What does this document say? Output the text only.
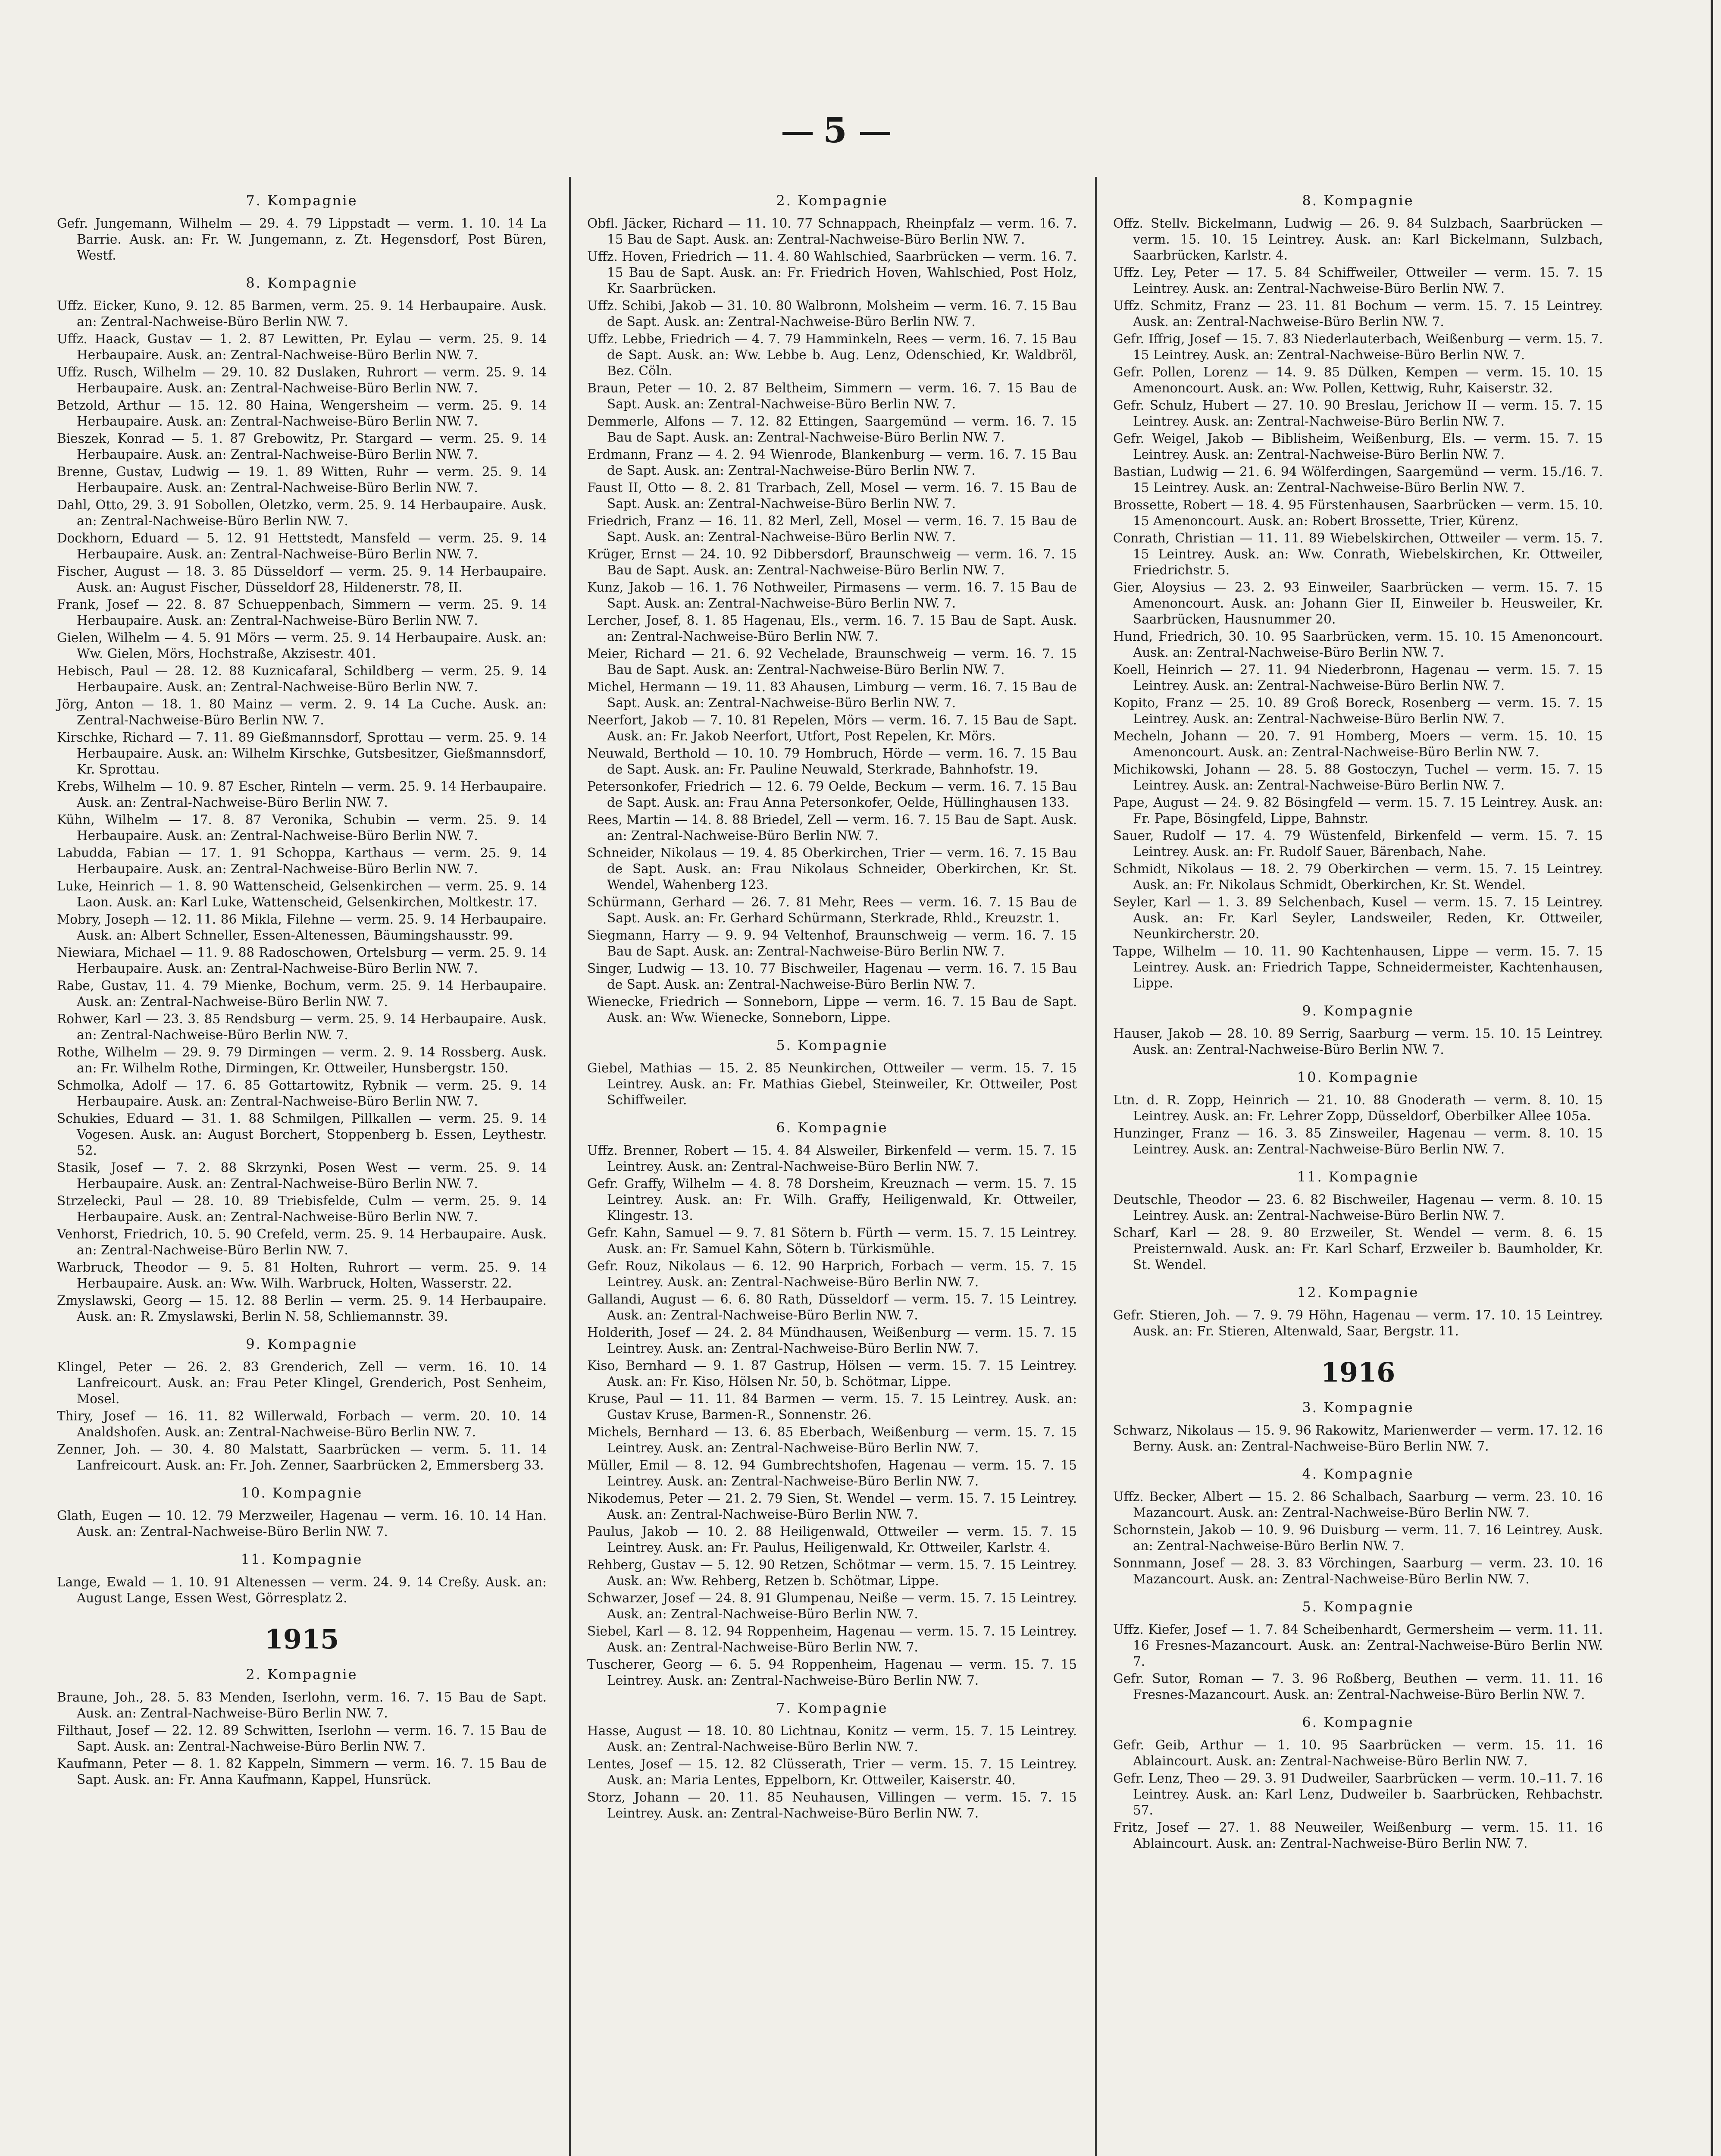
5
7. Kompagnie

Gefr. Jungemann, Wilhelm — 29. 4. 79 Lippstadt — verm. 1. 10. 14 La Barrie. Ausk. an: Fr. W. Jungemann, z. Zt. Hegensdorf, Post Büren, Westf.

8. Kompagnie

Uffz. Eicker, Kuno, 9. 12. 85 Barmen, verm. 25. 9. 14 Herbaupaire. Ausk. an: Zentral-Nachweise-Büro Berlin NW. 7.

Uffz. Haack, Gustav — 1. 2. 87 Lewitten, Pr. Eylau — verm. 25. 9. 14 Herbaupaire. Ausk. an: Zentral-Nachweise-Büro Berlin NW. 7.

Uffz. Rusch, Wilhelm — 29. 10. 82 Duslaken, Ruhrort — verm. 25. 9. 14 Herbaupaire. Ausk. an: Zentral-Nachweise-Büro Berlin NW. 7.

Betzold, Arthur — 15. 12. 80 Haina, Wengersheim — verm. 25. 9. 14 Herbaupaire. Ausk. an: Zentral-Nachweise-Büro Berlin NW. 7.

Bieszek, Konrad — 5. 1. 87 Grebowitz, Pr. Stargard — verm. 25. 9. 14 Herbaupaire. Ausk. an: Zentral-Nachweise-Büro Berlin NW. 7.

Brenne, Gustav, Ludwig — 19. 1. 89 Witten, Ruhr — verm. 25. 9. 14 Herbaupaire. Ausk. an: Zentral-Nachweise-Büro Berlin NW. 7.

Dahl, Otto, 29. 3. 91 Sobollen, Oletzko, verm. 25. 9. 14 Herbaupaire. Ausk. an: Zentral-Nachweise-Büro Berlin NW. 7.

Dockhorn, Eduard — 5. 12. 91 Hettstedt, Mansfeld — verm. 25. 9. 14 Herbaupaire. Ausk. an: Zentral-Nachweise-Büro Berlin NW. 7.

Fischer, August — 18. 3. 85 Düsseldorf — verm. 25. 9. 14 Herbaupaire. Ausk. an: August Fischer, Düsseldorf 28, Hildenerstr. 78, II.

Frank, Josef — 22. 8. 87 Schueppenbach, Simmern — verm. 25. 9. 14 Herbaupaire. Ausk. an: Zentral-Nachweise-Büro Berlin NW. 7.

Gielen, Wilhelm — 4. 5. 91 Mörs — verm. 25. 9. 14 Herbaupaire. Ausk. an: Ww. Gielen, Mörs, Hochstraße, Akzisestr. 401.

Hebisch, Paul — 28. 12. 88 Kuznicafaral, Schildberg — verm. 25. 9. 14 Herbaupaire. Ausk. an: Zentral-Nachweise-Büro Berlin NW. 7.

Jörg, Anton — 18. 1. 80 Mainz — verm. 2. 9. 14 La Cuche. Ausk. an: Zentral-Nachweise-Büro Berlin NW. 7.

Kirschke, Richard — 7. 11. 89 Gießmannsdorf, Sprottau — verm. 25. 9. 14 Herbaupaire. Ausk. an: Wilhelm Kirschke, Gutsbesitzer, Gießmannsdorf, Kr. Sprottau.

Krebs, Wilhelm — 10. 9. 87 Escher, Rinteln — verm. 25. 9. 14 Herbaupaire. Ausk. an: Zentral-Nachweise-Büro Berlin NW. 7.

Kühn, Wilhelm — 17. 8. 87 Veronika, Schubin — verm. 25. 9. 14 Herbaupaire. Ausk. an: Zentral-Nachweise-Büro Berlin NW. 7.

Labudda, Fabian — 17. 1. 91 Schoppa, Karthaus — verm. 25. 9. 14 Herbaupaire. Ausk. an: Zentral-Nachweise-Büro Berlin NW. 7.

Luke, Heinrich — 1. 8. 90 Wattenscheid, Gelsenkirchen — verm. 25. 9. 14 Laon. Ausk. an: Karl Luke, Wattenscheid, Gelsenkirchen, Moltkestr. 17.

Mobry, Joseph — 12. 11. 86 Mikla, Filehne — verm. 25. 9. 14 Herbaupaire. Ausk. an: Albert Schneller, Essen-Altenessen, Bäumingshausstr. 99.

Niewiara, Michael — 11. 9. 88 Radoschowen, Ortelsburg — verm. 25. 9. 14 Herbaupaire. Ausk. an: Zentral-Nachweise-Büro Berlin NW. 7.

Rabe, Gustav, 11. 4. 79 Mienke, Bochum, verm. 25. 9. 14 Herbaupaire. Ausk. an: Zentral-Nachweise-Büro Berlin NW. 7.

Rohwer, Karl — 23. 3. 85 Rendsburg — verm. 25. 9. 14 Herbaupaire. Ausk. an: Zentral-Nachweise-Büro Berlin NW. 7.

Rothe, Wilhelm — 29. 9. 79 Dirmingen — verm. 2. 9. 14 Rossberg. Ausk. an: Fr. Wilhelm Rothe, Dirmingen, Kr. Ottweiler, Hunsbergstr. 150.

Schmolka, Adolf — 17. 6. 85 Gottartowitz, Rybnik — verm. 25. 9. 14 Herbaupaire. Ausk. an: Zentral-Nachweise-Büro Berlin NW. 7.

Schukies, Eduard — 31. 1. 88 Schmilgen, Pillkallen — verm. 25. 9. 14 Vogesen. Ausk. an: August Borchert, Stoppenberg b. Essen, Leythestr. 52.

Stasik, Josef — 7. 2. 88 Skrzynki, Posen West — verm. 25. 9. 14 Herbaupaire. Ausk. an: Zentral-Nachweise-Büro Berlin NW. 7.

Strzelecki, Paul — 28. 10. 89 Triebisfelde, Culm — verm. 25. 9. 14 Herbaupaire. Ausk. an: Zentral-Nachweise-Büro Berlin NW. 7.

Venhorst, Friedrich, 10. 5. 90 Crefeld, verm. 25. 9. 14 Herbaupaire. Ausk. an: Zentral-Nachweise-Büro Berlin NW. 7.

Warbruck, Theodor — 9. 5. 81 Holten, Ruhrort — verm. 25. 9. 14 Herbaupaire. Ausk. an: Ww. Wilh. Warbruck, Holten, Wasserstr. 22.

Zmyslawski, Georg — 15. 12. 88 Berlin — verm. 25. 9. 14 Herbaupaire. Ausk. an: R. Zmyslawski, Berlin N. 58, Schliemannstr. 39.

9. Kompagnie

Klingel, Peter — 26. 2. 83 Grenderich, Zell — verm. 16. 10. 14 Lanfreicourt. Ausk. an: Frau Peter Klingel, Grenderich, Post Senheim, Mosel.

Thiry, Josef — 16. 11. 82 Willerwald, Forbach — verm. 20. 10. 14 Analdshofen. Ausk. an: Zentral-Nachweise-Büro Berlin NW. 7.

Zenner, Joh. — 30. 4. 80 Malstatt, Saarbrücken — verm. 5. 11. 14 Lanfreicourt. Ausk. an: Fr. Joh. Zenner, Saarbrücken 2, Emmersberg 33.

10. Kompagnie

Glath, Eugen — 10. 12. 79 Merzweiler, Hagenau — verm. 16. 10. 14 Han. Ausk. an: Zentral-Nachweise-Büro Berlin NW. 7.

11. Kompagnie

Lange, Ewald — 1. 10. 91 Altenessen — verm. 24. 9. 14 Creßy. Ausk. an: August Lange, Essen West, Görresplatz 2.

1915
2. Kompagnie

Braune, Joh., 28. 5. 83 Menden, Iserlohn, verm. 16. 7. 15 Bau de Sapt. Ausk. an: Zentral-Nachweise-Büro Berlin NW. 7.

Filthaut, Josef — 22. 12. 89 Schwitten, Iserlohn — verm. 16. 7. 15 Bau de Sapt. Ausk. an: Zentral-Nachweise-Büro Berlin NW. 7.

Kaufmann, Peter — 8. 1. 82 Kappeln, Simmern — verm. 16. 7. 15 Bau de Sapt. Ausk. an: Fr. Anna Kaufmann, Kappel, Hunsrück.

2. Kompagnie

Obfl. Jäcker, Richard — 11. 10. 77 Schnappach, Rheinpfalz — verm. 16. 7. 15 Bau de Sapt. Ausk. an: Zentral-Nachweise-Büro Berlin NW. 7.

Uffz. Hoven, Friedrich — 11. 4. 80 Wahlschied, Saarbrücken — verm. 16. 7. 15 Bau de Sapt. Ausk. an: Fr. Friedrich Hoven, Wahlschied, Post Holz, Kr. Saarbrücken.

Uffz. Schibi, Jakob — 31. 10. 80 Walbronn, Molsheim — verm. 16. 7. 15 Bau de Sapt. Ausk. an: Zentral-Nachweise-Büro Berlin NW. 7.

Uffz. Lebbe, Friedrich — 4. 7. 79 Hamminkeln, Rees — verm. 16. 7. 15 Bau de Sapt. Ausk. an: Ww. Lebbe b. Aug. Lenz, Odenschied, Kr. Waldbröl, Bez. Cöln.

Braun, Peter — 10. 2. 87 Beltheim, Simmern — verm. 16. 7. 15 Bau de Sapt. Ausk. an: Zentral-Nachweise-Büro Berlin NW. 7.

Demmerle, Alfons — 7. 12. 82 Ettingen, Saargemünd — verm. 16. 7. 15 Bau de Sapt. Ausk. an: Zentral-Nachweise-Büro Berlin NW. 7.

Erdmann, Franz — 4. 2. 94 Wienrode, Blankenburg — verm. 16. 7. 15 Bau de Sapt. Ausk. an: Zentral-Nachweise-Büro Berlin NW. 7.

Faust II, Otto — 8. 2. 81 Trarbach, Zell, Mosel — verm. 16. 7. 15 Bau de Sapt. Ausk. an: Zentral-Nachweise-Büro Berlin NW. 7.

Friedrich, Franz — 16. 11. 82 Merl, Zell, Mosel — verm. 16. 7. 15 Bau de Sapt. Ausk. an: Zentral-Nachweise-Büro Berlin NW. 7.

Krüger, Ernst — 24. 10. 92 Dibbersdorf, Braunschweig — verm. 16. 7. 15 Bau de Sapt. Ausk. an: Zentral-Nachweise-Büro Berlin NW. 7.

Kunz, Jakob — 16. 1. 76 Nothweiler, Pirmasens — verm. 16. 7. 15 Bau de Sapt. Ausk. an: Zentral-Nachweise-Büro Berlin NW. 7.

Lercher, Josef, 8. 1. 85 Hagenau, Els., verm. 16. 7. 15 Bau de Sapt. Ausk. an: Zentral-Nachweise-Büro Berlin NW. 7.

Meier, Richard — 21. 6. 92 Vechelade, Braunschweig — verm. 16. 7. 15 Bau de Sapt. Ausk. an: Zentral-Nachweise-Büro Berlin NW. 7.

Michel, Hermann — 19. 11. 83 Ahausen, Limburg — verm. 16. 7. 15 Bau de Sapt. Ausk. an: Zentral-Nachweise-Büro Berlin NW. 7.

Neerfort, Jakob — 7. 10. 81 Repelen, Mörs — verm. 16. 7. 15 Bau de Sapt. Ausk. an: Fr. Jakob Neerfort, Utfort, Post Repelen, Kr. Mörs.

Neuwald, Berthold — 10. 10. 79 Hombruch, Hörde — verm. 16. 7. 15 Bau de Sapt. Ausk. an: Fr. Pauline Neuwald, Sterkrade, Bahnhofstr. 19.

Petersonkofer, Friedrich — 12. 6. 79 Oelde, Beckum — verm. 16. 7. 15 Bau de Sapt. Ausk. an: Frau Anna Petersonkofer, Oelde, Hüllinghausen 133.

Rees, Martin — 14. 8. 88 Briedel, Zell — verm. 16. 7. 15 Bau de Sapt. Ausk. an: Zentral-Nachweise-Büro Berlin NW. 7.

Schneider, Nikolaus — 19. 4. 85 Oberkirchen, Trier — verm. 16. 7. 15 Bau de Sapt. Ausk. an: Frau Nikolaus Schneider, Oberkirchen, Kr. St. Wendel, Wahenberg 123.

Schürmann, Gerhard — 26. 7. 81 Mehr, Rees — verm. 16. 7. 15 Bau de Sapt. Ausk. an: Fr. Gerhard Schürmann, Sterkrade, Rhld., Kreuzstr. 1.

Siegmann, Harry — 9. 9. 94 Veltenhof, Braunschweig — verm. 16. 7. 15 Bau de Sapt. Ausk. an: Zentral-Nachweise-Büro Berlin NW. 7.

Singer, Ludwig — 13. 10. 77 Bischweiler, Hagenau — verm. 16. 7. 15 Bau de Sapt. Ausk. an: Zentral-Nachweise-Büro Berlin NW. 7.

Wienecke, Friedrich — Sonneborn, Lippe — verm. 16. 7. 15 Bau de Sapt. Ausk. an: Ww. Wienecke, Sonneborn, Lippe.

5. Kompagnie

Giebel, Mathias — 15. 2. 85 Neunkirchen, Ottweiler — verm. 15. 7. 15 Leintrey. Ausk. an: Fr. Mathias Giebel, Steinweiler, Kr. Ottweiler, Post Schiffweiler.

6. Kompagnie

Uffz. Brenner, Robert — 15. 4. 84 Alsweiler, Birkenfeld — verm. 15. 7. 15 Leintrey. Ausk. an: Zentral-Nachweise-Büro Berlin NW. 7.

Gefr. Graffy, Wilhelm — 4. 8. 78 Dorsheim, Kreuznach — verm. 15. 7. 15 Leintrey. Ausk. an: Fr. Wilh. Graffy, Heiligenwald, Kr. Ottweiler, Klingestr. 13.

Gefr. Kahn, Samuel — 9. 7. 81 Sötern b. Fürth — verm. 15. 7. 15 Leintrey. Ausk. an: Fr. Samuel Kahn, Sötern b. Türkismühle.

Gefr. Rouz, Nikolaus — 6. 12. 90 Harprich, Forbach — verm. 15. 7. 15 Leintrey. Ausk. an: Zentral-Nachweise-Büro Berlin NW. 7.

Gallandi, August — 6. 6. 80 Rath, Düsseldorf — verm. 15. 7. 15 Leintrey. Ausk. an: Zentral-Nachweise-Büro Berlin NW. 7.

Holderith, Josef — 24. 2. 84 Mündhausen, Weißenburg — verm. 15. 7. 15 Leintrey. Ausk. an: Zentral-Nachweise-Büro Berlin NW. 7.

Kiso, Bernhard — 9. 1. 87 Gastrup, Hölsen — verm. 15. 7. 15 Leintrey. Ausk. an: Fr. Kiso, Hölsen Nr. 50, b. Schötmar, Lippe.

Kruse, Paul — 11. 11. 84 Barmen — verm. 15. 7. 15 Leintrey. Ausk. an: Gustav Kruse, Barmen-R., Sonnenstr. 26.

Michels, Bernhard — 13. 6. 85 Eberbach, Weißenburg — verm. 15. 7. 15 Leintrey. Ausk. an: Zentral-Nachweise-Büro Berlin NW. 7.

Müller, Emil — 8. 12. 94 Gumbrechtshofen, Hagenau — verm. 15. 7. 15 Leintrey. Ausk. an: Zentral-Nachweise-Büro Berlin NW. 7.

Nikodemus, Peter — 21. 2. 79 Sien, St. Wendel — verm. 15. 7. 15 Leintrey. Ausk. an: Zentral-Nachweise-Büro Berlin NW. 7.

Paulus, Jakob — 10. 2. 88 Heiligenwald, Ottweiler — verm. 15. 7. 15 Leintrey. Ausk. an: Fr. Paulus, Heiligenwald, Kr. Ottweiler, Karlstr. 4.

Rehberg, Gustav — 5. 12. 90 Retzen, Schötmar — verm. 15. 7. 15 Leintrey. Ausk. an: Ww. Rehberg, Retzen b. Schötmar, Lippe.

Schwarzer, Josef — 24. 8. 91 Glumpenau, Neiße — verm. 15. 7. 15 Leintrey. Ausk. an: Zentral-Nachweise-Büro Berlin NW. 7.

Siebel, Karl — 8. 12. 94 Roppenheim, Hagenau — verm. 15. 7. 15 Leintrey. Ausk. an: Zentral-Nachweise-Büro Berlin NW. 7.

Tuscherer, Georg — 6. 5. 94 Roppenheim, Hagenau — verm. 15. 7. 15 Leintrey. Ausk. an: Zentral-Nachweise-Büro Berlin NW. 7.

7. Kompagnie

Hasse, August — 18. 10. 80 Lichtnau, Konitz — verm. 15. 7. 15 Leintrey. Ausk. an: Zentral-Nachweise-Büro Berlin NW. 7.

Lentes, Josef — 15. 12. 82 Clüsserath, Trier — verm. 15. 7. 15 Leintrey. Ausk. an: Maria Lentes, Eppelborn, Kr. Ottweiler, Kaiserstr. 40.

Storz, Johann — 20. 11. 85 Neuhausen, Villingen — verm. 15. 7. 15 Leintrey. Ausk. an: Zentral-Nachweise-Büro Berlin NW. 7.

8. Kompagnie

Offz. Stellv. Bickelmann, Ludwig — 26. 9. 84 Sulzbach, Saarbrücken — verm. 15. 10. 15 Leintrey. Ausk. an: Karl Bickelmann, Sulzbach, Saarbrücken, Karlstr. 4.

Uffz. Ley, Peter — 17. 5. 84 Schiffweiler, Ottweiler — verm. 15. 7. 15 Leintrey. Ausk. an: Zentral-Nachweise-Büro Berlin NW. 7.

Uffz. Schmitz, Franz — 23. 11. 81 Bochum — verm. 15. 7. 15 Leintrey. Ausk. an: Zentral-Nachweise-Büro Berlin NW. 7.

Gefr. Iffrig, Josef — 15. 7. 83 Niederlauterbach, Weißenburg — verm. 15. 7. 15 Leintrey. Ausk. an: Zentral-Nachweise-Büro Berlin NW. 7.

Gefr. Pollen, Lorenz — 14. 9. 85 Dülken, Kempen — verm. 15. 10. 15 Amenoncourt. Ausk. an: Ww. Pollen, Kettwig, Ruhr, Kaiserstr. 32.

Gefr. Schulz, Hubert — 27. 10. 90 Breslau, Jerichow II — verm. 15. 7. 15 Leintrey. Ausk. an: Zentral-Nachweise-Büro Berlin NW. 7.

Gefr. Weigel, Jakob — Biblisheim, Weißenburg, Els. — verm. 15. 7. 15 Leintrey. Ausk. an: Zentral-Nachweise-Büro Berlin NW. 7.

Bastian, Ludwig — 21. 6. 94 Wölferdingen, Saargemünd — verm. 15./16. 7. 15 Leintrey. Ausk. an: Zentral-Nachweise-Büro Berlin NW. 7.

Brossette, Robert — 18. 4. 95 Fürstenhausen, Saarbrücken — verm. 15. 10. 15 Amenoncourt. Ausk. an: Robert Brossette, Trier, Kürenz.

Conrath, Christian — 11. 11. 89 Wiebelskirchen, Ottweiler — verm. 15. 7. 15 Leintrey. Ausk. an: Ww. Conrath, Wiebelskirchen, Kr. Ottweiler, Friedrichstr. 5.

Gier, Aloysius — 23. 2. 93 Einweiler, Saarbrücken — verm. 15. 7. 15 Amenoncourt. Ausk. an: Johann Gier II, Einweiler b. Heusweiler, Kr. Saarbrücken, Hausnummer 20.

Hund, Friedrich, 30. 10. 95 Saarbrücken, verm. 15. 10. 15 Amenoncourt. Ausk. an: Zentral-Nachweise-Büro Berlin NW. 7.

Koell, Heinrich — 27. 11. 94 Niederbronn, Hagenau — verm. 15. 7. 15 Leintrey. Ausk. an: Zentral-Nachweise-Büro Berlin NW. 7.

Kopito, Franz — 25. 10. 89 Groß Boreck, Rosenberg — verm. 15. 7. 15 Leintrey. Ausk. an: Zentral-Nachweise-Büro Berlin NW. 7.

Mecheln, Johann — 20. 7. 91 Homberg, Moers — verm. 15. 10. 15 Amenoncourt. Ausk. an: Zentral-Nachweise-Büro Berlin NW. 7.

Michikowski, Johann — 28. 5. 88 Gostoczyn, Tuchel — verm. 15. 7. 15 Leintrey. Ausk. an: Zentral-Nachweise-Büro Berlin NW. 7.

Pape, August — 24. 9. 82 Bösingfeld — verm. 15. 7. 15 Leintrey. Ausk. an: Fr. Pape, Bösingfeld, Lippe, Bahnstr.

Sauer, Rudolf — 17. 4. 79 Wüstenfeld, Birkenfeld — verm. 15. 7. 15 Leintrey. Ausk. an: Fr. Rudolf Sauer, Bärenbach, Nahe.

Schmidt, Nikolaus — 18. 2. 79 Oberkirchen — verm. 15. 7. 15 Leintrey. Ausk. an: Fr. Nikolaus Schmidt, Oberkirchen, Kr. St. Wendel.

Seyler, Karl — 1. 3. 89 Selchenbach, Kusel — verm. 15. 7. 15 Leintrey. Ausk. an: Fr. Karl Seyler, Landsweiler, Reden, Kr. Ottweiler, Neunkircherstr. 20.

Tappe, Wilhelm — 10. 11. 90 Kachtenhausen, Lippe — verm. 15. 7. 15 Leintrey. Ausk. an: Friedrich Tappe, Schneidermeister, Kachtenhausen, Lippe.

9. Kompagnie

Hauser, Jakob — 28. 10. 89 Serrig, Saarburg — verm. 15. 10. 15 Leintrey. Ausk. an: Zentral-Nachweise-Büro Berlin NW. 7.

10. Kompagnie

Ltn. d. R. Zopp, Heinrich — 21. 10. 88 Gnoderath — verm. 8. 10. 15 Leintrey. Ausk. an: Fr. Lehrer Zopp, Düsseldorf, Oberbilker Allee 105a.

Hunzinger, Franz — 16. 3. 85 Zinsweiler, Hagenau — verm. 8. 10. 15 Leintrey. Ausk. an: Zentral-Nachweise-Büro Berlin NW. 7.

11. Kompagnie

Deutschle, Theodor — 23. 6. 82 Bischweiler, Hagenau — verm. 8. 10. 15 Leintrey. Ausk. an: Zentral-Nachweise-Büro Berlin NW. 7.

Scharf, Karl — 28. 9. 80 Erzweiler, St. Wendel — verm. 8. 6. 15 Preisternwald. Ausk. an: Fr. Karl Scharf, Erzweiler b. Baumholder, Kr. St. Wendel.

12. Kompagnie

Gefr. Stieren, Joh. — 7. 9. 79 Höhn, Hagenau — verm. 17. 10. 15 Leintrey. Ausk. an: Fr. Stieren, Altenwald, Saar, Bergstr. 11.

1916
3. Kompagnie

Schwarz, Nikolaus — 15. 9. 96 Rakowitz, Marienwerder — verm. 17. 12. 16 Berny. Ausk. an: Zentral-Nachweise-Büro Berlin NW. 7.

4. Kompagnie

Uffz. Becker, Albert — 15. 2. 86 Schalbach, Saarburg — verm. 23. 10. 16 Mazancourt. Ausk. an: Zentral-Nachweise-Büro Berlin NW. 7.

Schornstein, Jakob — 10. 9. 96 Duisburg — verm. 11. 7. 16 Leintrey. Ausk. an: Zentral-Nachweise-Büro Berlin NW. 7.

Sonnmann, Josef — 28. 3. 83 Vörchingen, Saarburg — verm. 23. 10. 16 Mazancourt. Ausk. an: Zentral-Nachweise-Büro Berlin NW. 7.

5. Kompagnie

Uffz. Kiefer, Josef — 1. 7. 84 Scheibenhardt, Germersheim — verm. 11. 11. 16 Fresnes-Mazancourt. Ausk. an: Zentral-Nachweise-Büro Berlin NW. 7.

Gefr. Sutor, Roman — 7. 3. 96 Roßberg, Beuthen — verm. 11. 11. 16 Fresnes-Mazancourt. Ausk. an: Zentral-Nachweise-Büro Berlin NW. 7.

6. Kompagnie

Gefr. Geib, Arthur — 1. 10. 95 Saarbrücken — verm. 15. 11. 16 Ablaincourt. Ausk. an: Zentral-Nachweise-Büro Berlin NW. 7.

Gefr. Lenz, Theo — 29. 3. 91 Dudweiler, Saarbrücken — verm. 10.–11. 7. 16 Leintrey. Ausk. an: Karl Lenz, Dudweiler b. Saarbrücken, Rehbachstr. 57.

Fritz, Josef — 27. 1. 88 Neuweiler, Weißenburg — verm. 15. 11. 16 Ablaincourt. Ausk. an: Zentral-Nachweise-Büro Berlin NW. 7.
